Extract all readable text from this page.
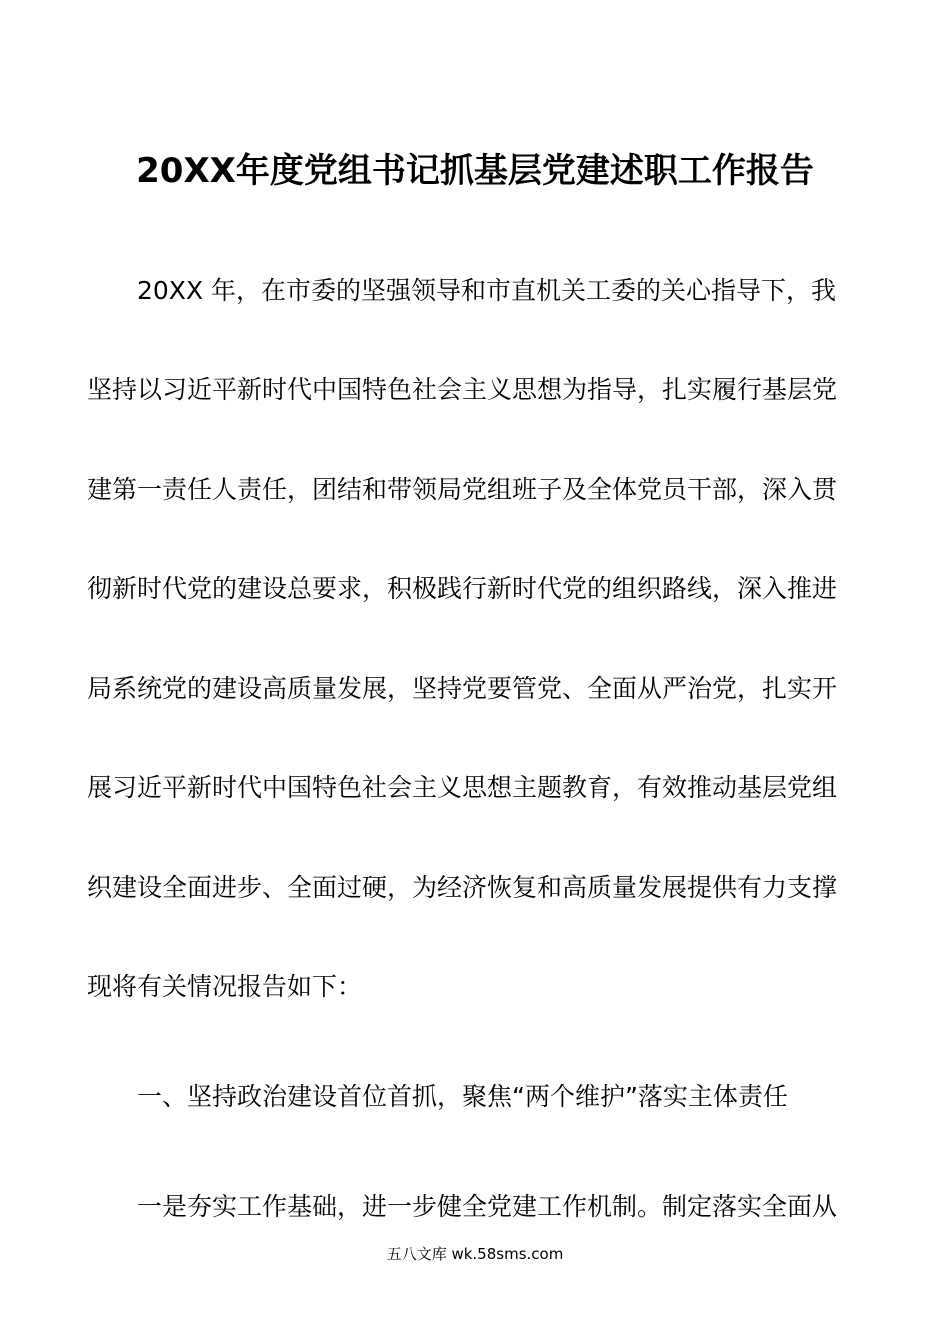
20XX年度党组书记抓基层党建述职工作报告
20XX 年，在市委的坚强领导和市直机关工委的关心指导下，我
坚持以习近平新时代中国特色社会主义思想为指导，扎实履行基层党
建第一责任人责任，团结和带领局党组班子及全体党员干部，深入贯
彻新时代党的建设总要求，积极践行新时代党的组织路线，深入推进
局系统党的建设高质量发展，坚持党要管党、全面从严治党，扎实开
展习近平新时代中国特色社会主义思想主题教育，有效推动基层党组
织建设全面进步、全面过硬，为经济恢复和高质量发展提供有力支撑
现将有关情况报告如下：
一、坚持政治建设首位首抓，聚焦“两个维护”落实主体责任
一是夯实工作基础，进一步健全党建工作机制。制定落实全面从
五八文库 wk.58sms.com
